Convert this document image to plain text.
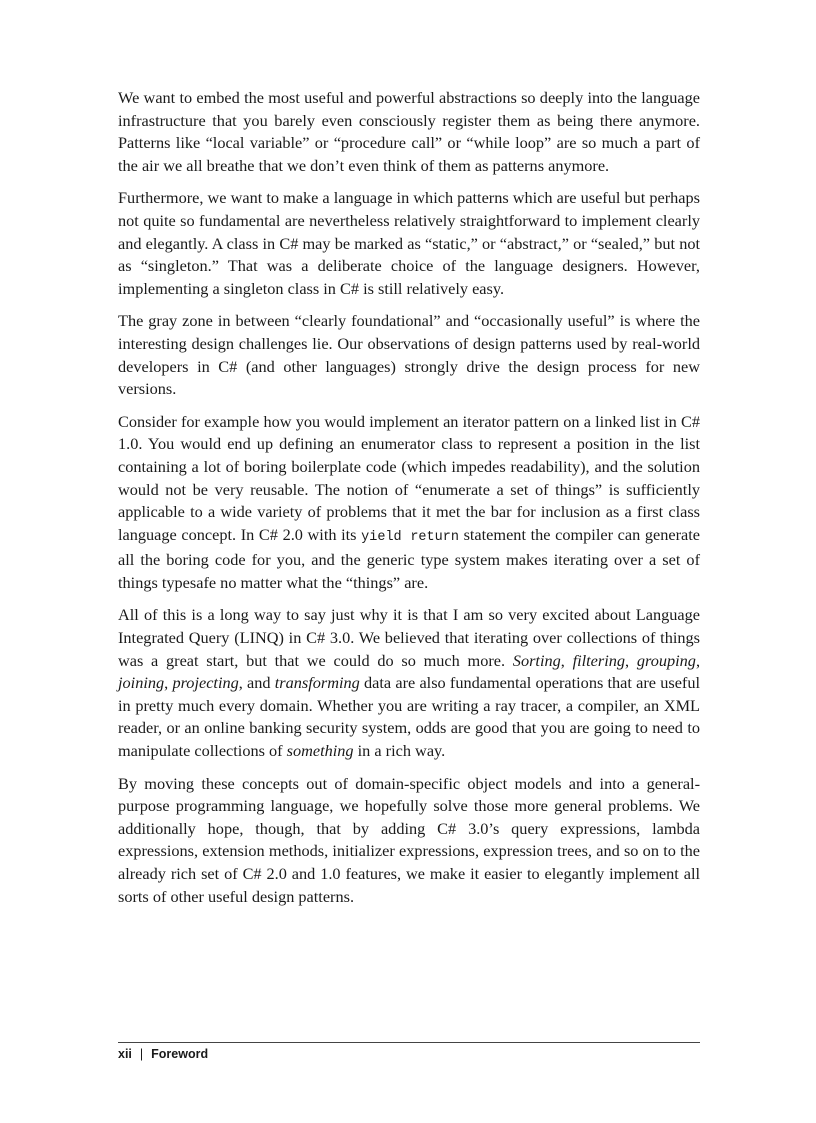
We want to embed the most useful and powerful abstractions so deeply into the language infrastructure that you barely even consciously register them as being there anymore. Patterns like “local variable” or “procedure call” or “while loop” are so much a part of the air we all breathe that we don’t even think of them as patterns anymore.

Furthermore, we want to make a language in which patterns which are useful but perhaps not quite so fundamental are nevertheless relatively straightforward to implement clearly and elegantly. A class in C# may be marked as “static,” or “abstract,” or “sealed,” but not as “singleton.” That was a deliberate choice of the language designers. However, implementing a singleton class in C# is still relatively easy.

The gray zone in between “clearly foundational” and “occasionally useful” is where the interesting design challenges lie. Our observations of design patterns used by real-world developers in C# (and other languages) strongly drive the design process for new versions.

Consider for example how you would implement an iterator pattern on a linked list in C# 1.0. You would end up defining an enumerator class to represent a position in the list containing a lot of boring boilerplate code (which impedes readability), and the solution would not be very reusable. The notion of “enumerate a set of things” is sufficiently applicable to a wide variety of problems that it met the bar for inclusion as a first class language concept. In C# 2.0 with its yield return statement the compiler can generate all the boring code for you, and the generic type system makes iterating over a set of things typesafe no matter what the “things” are.

All of this is a long way to say just why it is that I am so very excited about Language Integrated Query (LINQ) in C# 3.0. We believed that iterating over collections of things was a great start, but that we could do so much more. Sorting, filtering, grouping, joining, projecting, and transforming data are also fundamental operations that are useful in pretty much every domain. Whether you are writing a ray tracer, a compiler, an XML reader, or an online banking security system, odds are good that you are going to need to manipulate collections of something in a rich way.

By moving these concepts out of domain-specific object models and into a general-purpose programming language, we hopefully solve those more general problems. We additionally hope, though, that by adding C# 3.0’s query expressions, lambda expressions, extension methods, initializer expressions, expression trees, and so on to the already rich set of C# 2.0 and 1.0 features, we make it easier to elegantly implement all sorts of other useful design patterns.

xii | Foreword
